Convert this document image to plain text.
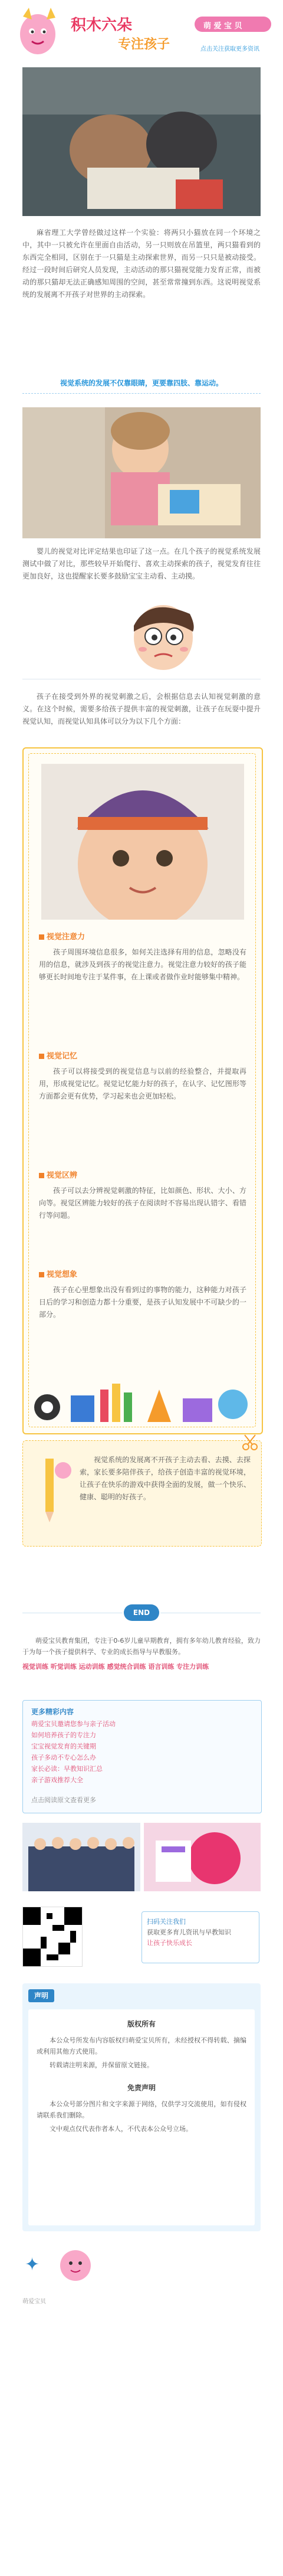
积木六朵
专注孩子
萌 爱 宝 贝
点击关注获取更多资讯

麻省理工大学曾经做过这样一个实验：将两只小猫放在同一个环境之中，其中一只被允许在里面自由活动，另一只则放在吊篮里，两只猫看到的东西完全相同，区别在于一只猫是主动探索世界，而另一只只是被动接受。经过一段时间后研究人员发现，主动活动的那只猫视觉能力发育正常，而被动的那只猫却无法正确感知周围的空间，甚至常常撞到东西。这说明视觉系统的发展离不开孩子对世界的主动探索。

视觉系统的发展不仅靠眼睛，更要靠四肢、靠运动。

婴儿的视觉对比评定结果也印证了这一点。在几个孩子的视觉系统发展测试中做了对比，那些较早开始爬行、喜欢主动探索的孩子，视觉发育往往更加良好，这也提醒家长要多鼓励宝宝主动看、主动摸。

孩子在接受到外界的视觉刺激之后，会根据信息去认知视觉刺激的意义。在这个时候，需要多给孩子提供丰富的视觉刺激，让孩子在玩耍中提升视觉认知，而视觉认知具体可以分为以下几个方面：

视觉注意力

孩子周围环境信息很多，如何关注选择有用的信息，忽略没有用的信息，就涉及到孩子的视觉注意力。视觉注意力较好的孩子能够更长时间地专注于某件事，在上课或者做作业时能够集中精神。

视觉记忆

孩子可以将接受到的视觉信息与以前的经验整合，并提取再用，形成视觉记忆。视觉记忆能力好的孩子，在认字、记忆图形等方面都会更有优势，学习起来也会更加轻松。

视觉区辨

孩子可以去分辨视觉刺激的特征，比如颜色、形状、大小、方向等。视觉区辨能力较好的孩子在阅读时不容易出现认错字、看错行等问题。

视觉想象

孩子在心里想象出没有看到过的事物的能力，这种能力对孩子日后的学习和创造力都十分重要，是孩子认知发展中不可缺少的一部分。

视觉系统的发展离不开孩子主动去看、去摸、去探索，家长要多陪伴孩子，给孩子创造丰富的视觉环境，让孩子在快乐的游戏中获得全面的发展，做一个快乐、健康、聪明的好孩子。

END

萌爱宝贝教育集团，专注于0-6岁儿童早期教育，拥有多年幼儿教育经验，致力于为每一个孩子提供科学、专业的成长指导与早教服务。

视觉训练 听觉训练 运动训练 感觉统合训练 语言训练 专注力训练

更多精彩内容
萌爱宝贝邀请您参与亲子活动
如何培养孩子的专注力
宝宝视觉发育的关键期
孩子多动不专心怎么办
家长必读：早教知识汇总
亲子游戏推荐大全
点击阅读原文查看更多
扫码关注我们
获取更多育儿资讯与早教知识
让孩子快乐成长
声明
版权所有

本公众号所发布内容版权归萌爱宝贝所有，未经授权不得转载、摘编或利用其他方式使用。

转载请注明来源，并保留原文链接。

免责声明

本公众号部分图片和文字来源于网络，仅供学习交流使用，如有侵权请联系我们删除。

文中观点仅代表作者本人，不代表本公众号立场。

✦
萌爱宝贝
